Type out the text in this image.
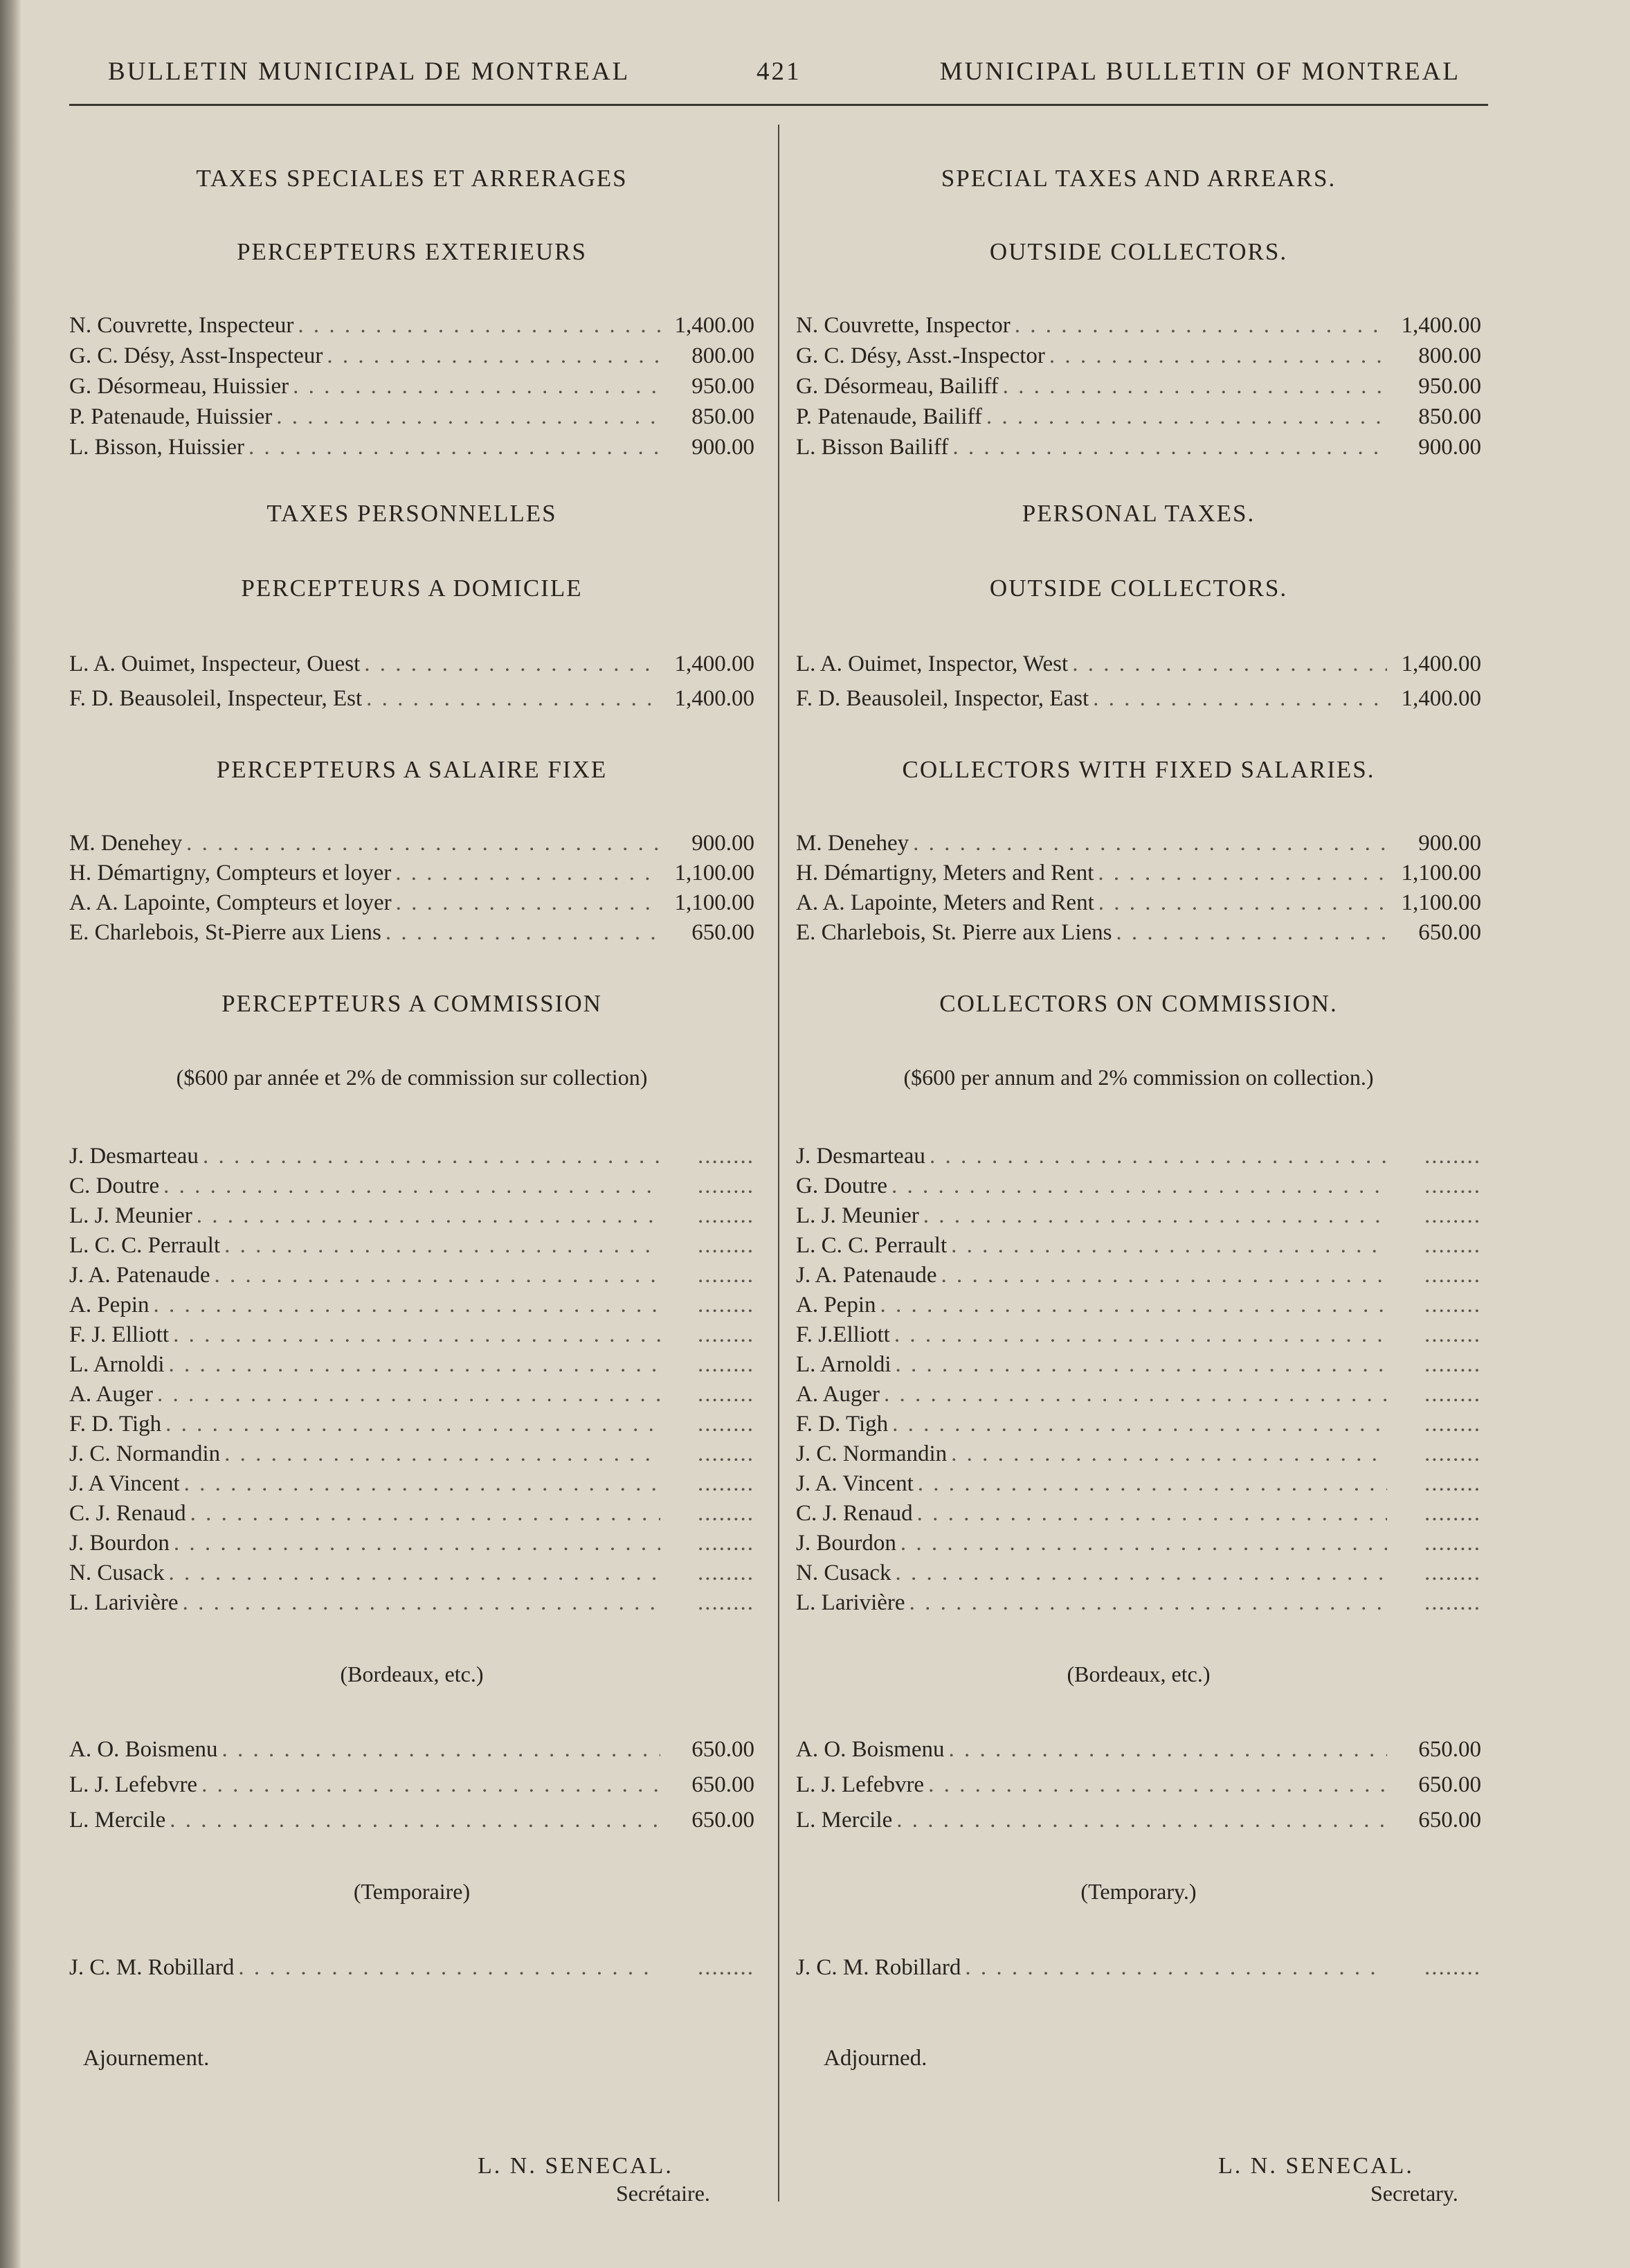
BULLETIN MUNICIPAL DE MONTREAL	421	MUNICIPAL BULLETIN OF MONTREAL
TAXES SPECIALES ET ARRERAGES
PERCEPTEURS EXTERIEURS
N. Couvrette, Inspecteur . . .	1,400.00
G. C. Désy, Asst-Inspecteur . . .	800.00
G. Désormeau, Huissier . . .	950.00
P. Patenaude, Huissier . . .	850.00
L. Bisson, Huissier . . .	900.00
TAXES PERSONNELLES
PERCEPTEURS A DOMICILE
L. A. Ouimet, Inspecteur, Ouest . . .	1,400.00
F. D. Beausoleil, Inspecteur, Est . . .	1,400.00
PERCEPTEURS A SALAIRE FIXE
M. Denehey . . .	900.00
H. Démartigny, Compteurs et loyer . . .	1,100.00
A. A. Lapointe, Compteurs et loyer . . .	1,100.00
E. Charlebois, St-Pierre aux Liens . . .	650.00
PERCEPTEURS A COMMISSION
($600 par année et 2% de commission sur collection)
J. Desmarteau . . .	........
C. Doutre . . .	........
L. J. Meunier . . .	........
L. C. C. Perrault . . .	........
J. A. Patenaude . . .	........
A. Pepin . . .	........
F. J. Elliott . . .	........
L. Arnoldi . . .	........
A. Auger . . .	........
F. D. Tigh . . .	........
J. C. Normandin . . .	........
J. A Vincent . . .	........
C. J. Renaud . . .	........
J. Bourdon . . .	........
N. Cusack . . .	........
L. Larivière . . .	........
(Bordeaux, etc.)
A. O. Boismenu . . .	650.00
L. J. Lefebvre . . .	650.00
L. Mercile . . .	650.00
(Temporaire)
J. C. M. Robillard . . .	........
Ajournement.
L. N. SENECAL.
Secrétaire.
SPECIAL TAXES AND ARREARS.
OUTSIDE COLLECTORS.
N. Couvrette, Inspector . . .	1,400.00
G. C. Désy, Asst.-Inspector . . .	800.00
G. Désormeau, Bailiff . . .	950.00
P. Patenaude, Bailiff . . .	850.00
L. Bisson Bailiff . . .	900.00
PERSONAL TAXES.
OUTSIDE COLLECTORS.
L. A. Ouimet, Inspector, West . . .	1,400.00
F. D. Beausoleil, Inspector, East . . .	1,400.00
COLLECTORS WITH FIXED SALARIES.
M. Denehey . . .	900.00
H. Démartigny, Meters and Rent . . .	1,100.00
A. A. Lapointe, Meters and Rent . . .	1,100.00
E. Charlebois, St. Pierre aux Liens . . .	650.00
COLLECTORS ON COMMISSION.
($600 per annum and 2% commission on collection.)
J. Desmarteau . . .	........
G. Doutre . . .	........
L. J. Meunier . . .	........
L. C. C. Perrault . . .	........
J. A. Patenaude . . .	........
A. Pepin . . .	........
F. J.Elliott . . .	........
L. Arnoldi . . .	........
A. Auger . . .	........
F. D. Tigh . . .	........
J. C. Normandin . . .	........
J. A. Vincent . . .	........
C. J. Renaud . . .	........
J. Bourdon . . .	........
N. Cusack . . .	........
L. Larivière . . .	........
(Bordeaux, etc.)
A. O. Boismenu . . .	650.00
L. J. Lefebvre . . .	650.00
L. Mercile . . .	650.00
(Temporary.)
J. C. M. Robillard . . .	........
Adjourned.
L. N. SENECAL.
Secretary.
